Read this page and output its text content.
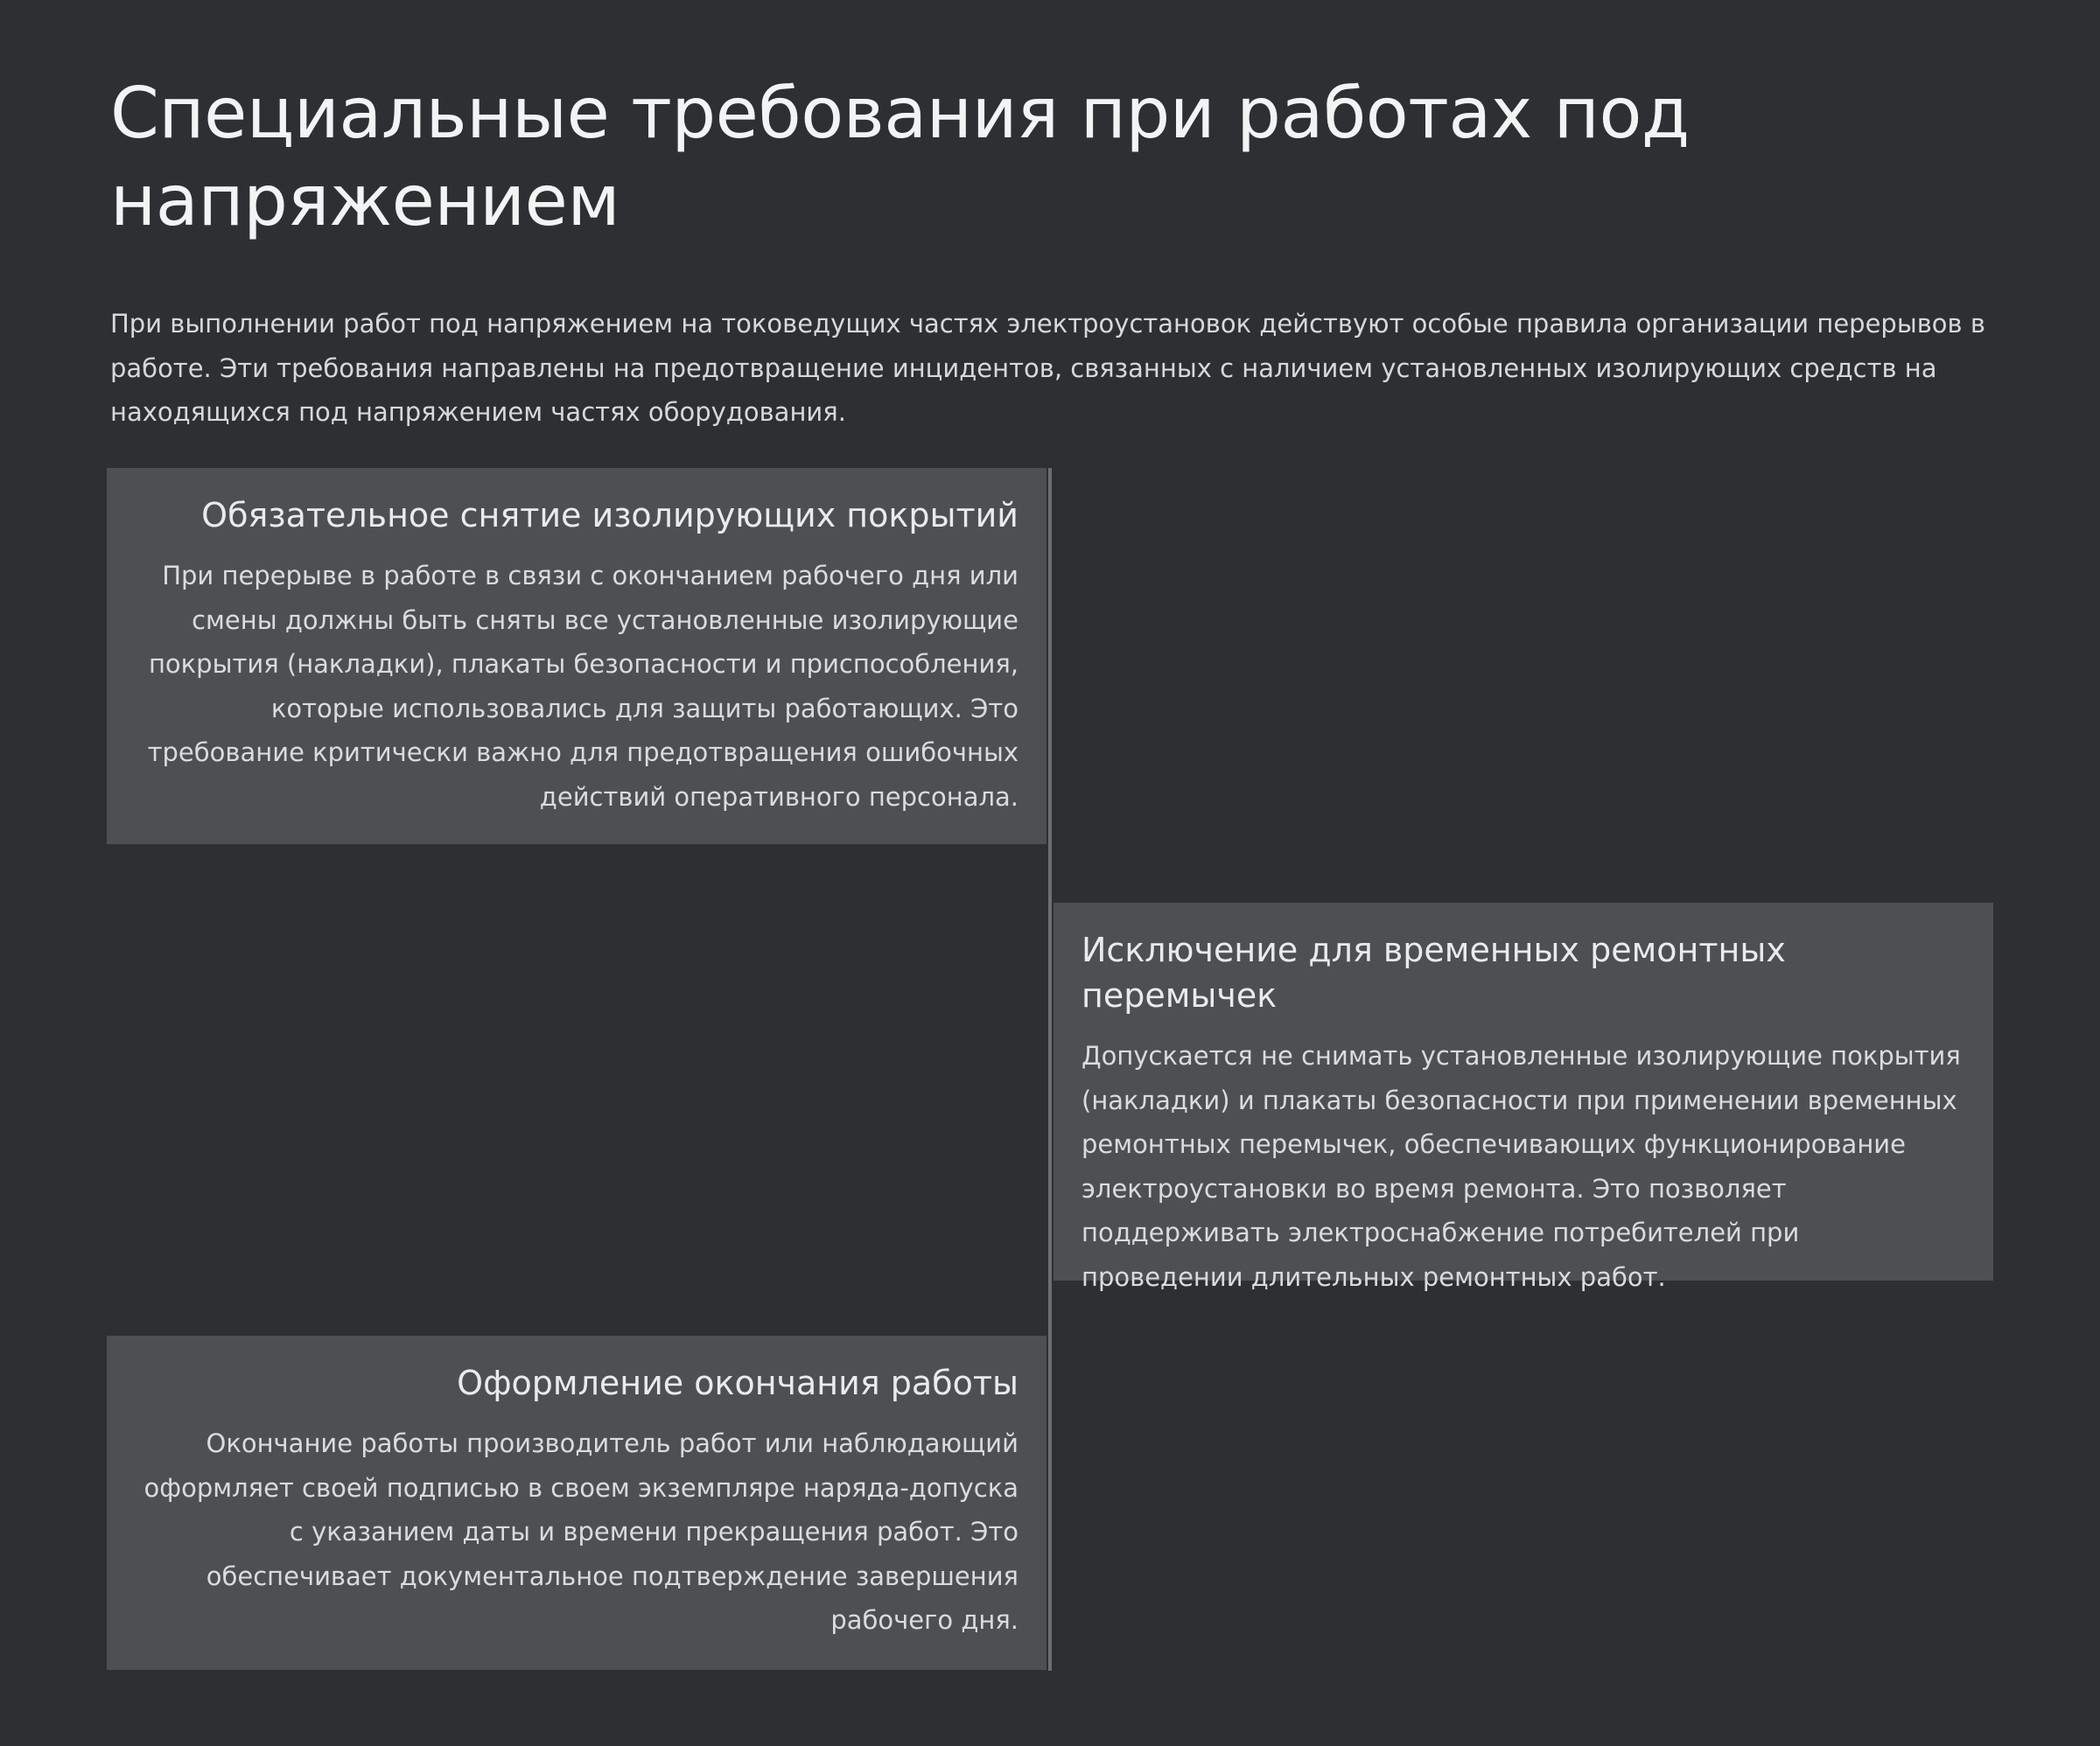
Специальные требования при работах под напряжением

При выполнении работ под напряжением на токоведущих частях электроустановок действуют особые правила организации перерывов в работе. Эти требования направлены на предотвращение инцидентов, связанных с наличием установленных изолирующих средств на находящихся под напряжением частях оборудования.

Обязательное снятие изолирующих покрытий

При перерыве в работе в связи с окончанием рабочего дня или смены должны быть сняты все установленные изолирующие покрытия (накладки), плакаты безопасности и приспособления, которые использовались для защиты работающих. Это требование критически важно для предотвращения ошибочных действий оперативного персонала.

Исключение для временных ремонтных перемычек

Допускается не снимать установленные изолирующие покрытия (накладки) и плакаты безопасности при применении временных ремонтных перемычек, обеспечивающих функционирование электроустановки во время ремонта. Это позволяет поддерживать электроснабжение потребителей при проведении длительных ремонтных работ.

Оформление окончания работы

Окончание работы производитель работ или наблюдающий оформляет своей подписью в своем экземпляре наряда-допуска с указанием даты и времени прекращения работ. Это обеспечивает документальное подтверждение завершения рабочего дня.
